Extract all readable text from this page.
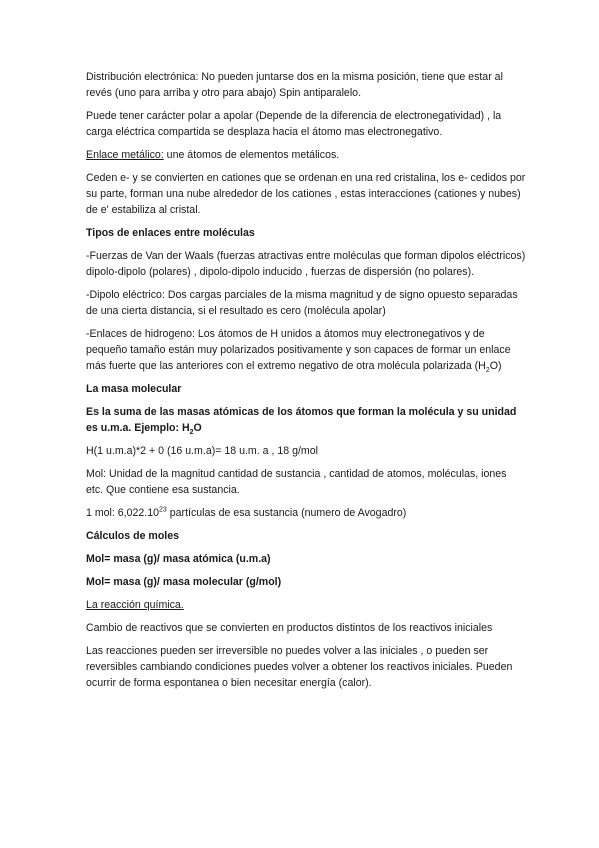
Distribución electrónica: No pueden juntarse dos en la misma posición, tiene que estar al revés (uno para arriba y otro para abajo) Spin antiparalelo.

Puede tener carácter polar a apolar (Depende de la diferencia de electronegatividad) , la carga eléctrica compartida se desplaza hacia el átomo mas electronegativo.

Enlace metálico: une átomos de elementos metálicos.

Ceden e- y se convierten en cationes que se ordenan en una red cristalina, los e- cedidos por su parte, forman una nube alrededor de los cationes , estas interacciones (cationes y nubes) de e' estabiliza al cristal.

Tipos de enlaces entre moléculas

-Fuerzas de Van der Waals (fuerzas atractivas entre moléculas que forman dipolos eléctricos) dipolo-dipolo (polares) , dipolo-dipolo inducido , fuerzas de dispersión (no polares).

-Dipolo eléctrico: Dos cargas parciales de la misma magnitud y de signo opuesto separadas de una cierta distancia, si el resultado es cero (molécula apolar)

-Enlaces de hidrogeno: Los átomos de H unidos a átomos muy electronegativos y de pequeño tamaño están muy polarizados positivamente y son capaces de formar un enlace más fuerte que las anteriores con el extremo negativo de otra molécula polarizada $(H_2O)$

La masa molecular

Es la suma de las masas atómicas de los átomos que forman la molécula y su unidad es u.m.a. Ejemplo: $H_2O$

H(1 u.m.a)*2 + 0 (16 u.m.a)= 18 u.m. a , 18 g/mol

Mol: Unidad de la magnitud cantidad de sustancia , cantidad de atomos, moléculas, iones etc. Que contiene esa sustancia.

1 mol: 6,022.10$^{23}$ partículas de esa sustancia (numero de Avogadro)

Cálculos de moles

Mol= masa (g)/ masa atómica (u.m.a)

Mol= masa (g)/ masa molecular (g/mol)

La reacción química.

Cambio de reactivos que se convierten en productos distintos de los reactivos iniciales

Las reacciones pueden ser irreversible no puedes volver a las iniciales , o pueden ser reversibles cambiando condiciones puedes volver a obtener los reactivos iniciales. Pueden ocurrir de forma espontanea o bien necesitar energía (calor).
